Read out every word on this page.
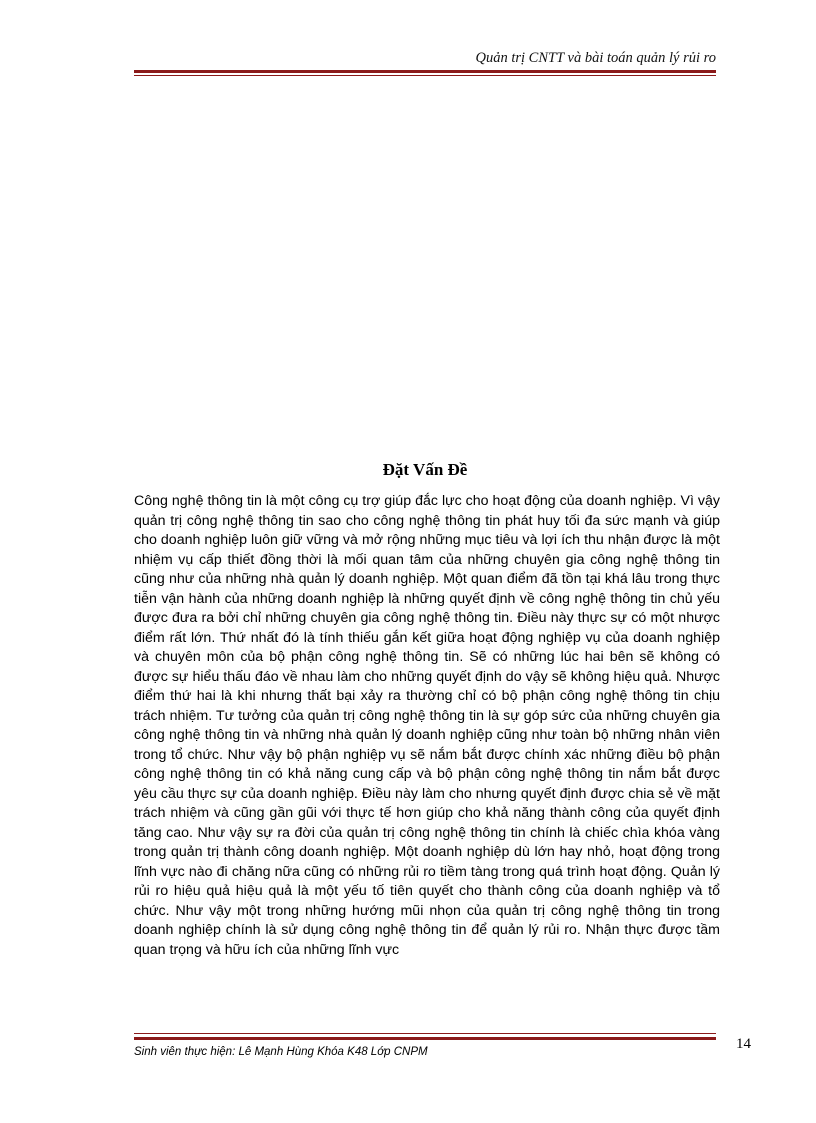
Quản trị CNTT và bài toán quản lý rủi ro
Đặt Vấn Đề

Công nghệ thông tin là một công cụ trợ giúp đắc lực cho hoạt động của doanh nghiệp. Vì vậy quản trị công nghệ thông tin sao cho công nghệ thông tin phát huy tối đa sức mạnh và giúp cho doanh nghiệp luôn giữ vững và mở rộng những mục tiêu và lợi ích thu nhận được là một nhiệm vụ cấp thiết đồng thời là mối quan tâm của những chuyên gia công nghệ thông tin cũng như của những nhà quản lý doanh nghiệp. Một quan điểm đã tồn tại khá lâu trong thực tiễn vận hành của những doanh nghiệp là những quyết định về công nghệ thông tin chủ yếu được đưa ra bởi chỉ những chuyên gia công nghệ thông tin. Điều này thực sự có một nhược điểm rất lớn. Thứ nhất đó là tính thiếu gắn kết giữa hoạt động nghiệp vụ của doanh nghiệp và chuyên môn của bộ phận công nghệ thông tin. Sẽ có những lúc hai bên sẽ không có được sự hiểu thấu đáo về nhau làm cho những quyết định do vậy sẽ không hiệu quả. Nhược điểm thứ hai là khi nhưng thất bại xảy ra thường chỉ có bộ phận công nghệ thông tin chịu trách nhiệm. Tư tưởng của quản trị công nghệ thông tin là sự góp sức của những chuyên gia công nghệ thông tin và những nhà quản lý doanh nghiệp cũng như toàn bộ những nhân viên trong tổ chức. Như vậy bộ phận nghiệp vụ sẽ nắm bắt được chính xác những điều bộ phận công nghệ thông tin có khả năng cung cấp và bộ phận công nghệ thông tin nắm bắt được yêu cầu thực sự của doanh nghiệp. Điều này làm cho nhưng quyết định được chia sẻ về mặt trách nhiệm và cũng gần gũi với thực tế hơn giúp cho khả năng thành công của quyết định tăng cao. Như vậy sự ra đời của quản trị công nghệ thông tin chính là chiếc chìa khóa vàng trong quản trị thành công doanh nghiệp. Một doanh nghiệp dù lớn hay nhỏ, hoạt động trong lĩnh vực nào đi chăng nữa cũng có những rủi ro tiềm tàng trong quá trình hoạt động. Quản lý rủi ro hiệu quả hiệu quả là một yếu tố tiên quyết cho thành công của doanh nghiệp và tổ chức. Như vậy một trong những hướng mũi nhọn của quản trị công nghệ thông tin trong doanh nghiệp chính là sử dụng công nghệ thông tin để quản lý rủi ro. Nhận thực được tầm quan trọng và hữu ích của những lĩnh vực

Sinh viên thực hiện: Lê Mạnh Hùng Khóa K48 Lớp CNPM	14
